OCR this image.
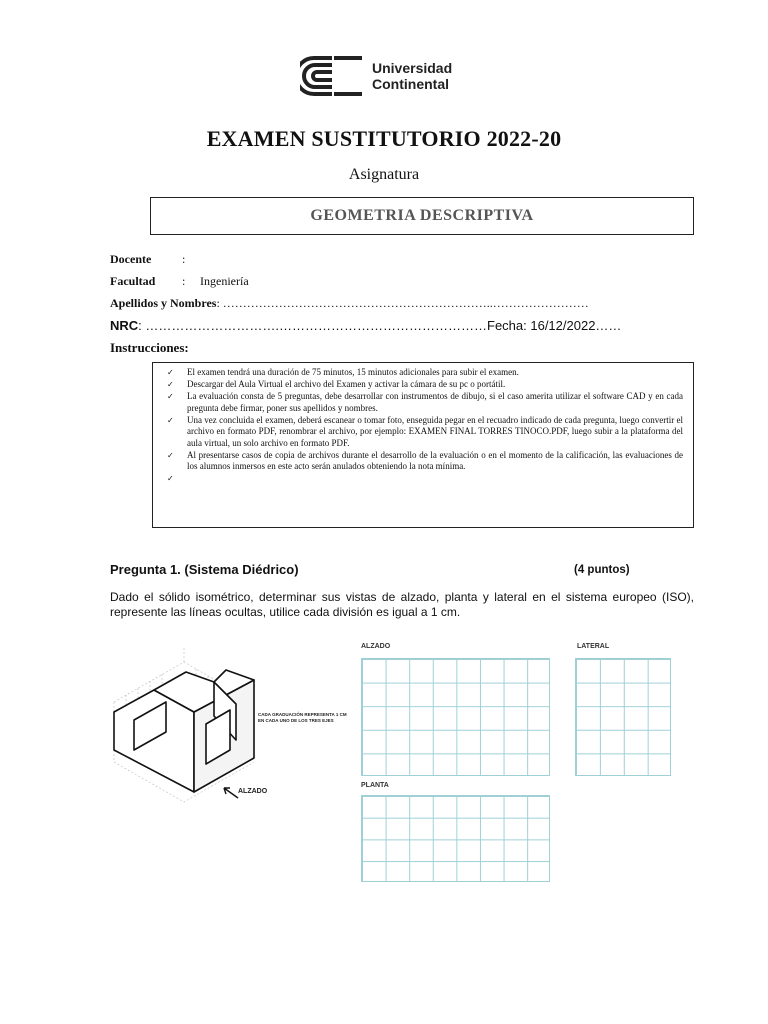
Universidad
Continental
EXAMEN SUSTITUTORIO 2022-20
Asignatura
GEOMETRIA DESCRIPTIVA
Docente	:
Facultad : Ingeniería
Apellidos y Nombres: …………………………………………………………..……………………
NRC: ………………………….…………………………………………Fecha: 16/12/2022……
Instrucciones:
✓ El examen tendrá una duración de 75 minutos, 15 minutos adicionales para subir el examen.
✓ Descargar del Aula Virtual el archivo del Examen y activar la cámara de su pc o portátil.
✓ La evaluación consta de 5 preguntas, debe desarrollar con instrumentos de dibujo, si el caso amerita utilizar el software CAD y en cada pregunta debe firmar, poner sus apellidos y nombres.
✓ Una vez concluida el examen, deberá escanear o tomar foto, enseguida pegar en el recuadro indicado de cada pregunta, luego convertir el archivo en formato PDF, renombrar el archivo, por ejemplo: EXAMEN FINAL TORRES TINOCO.PDF, luego subir a la plataforma del aula virtual, un solo archivo en formato PDF.
✓ Al presentarse casos de copia de archivos durante el desarrollo de la evaluación o en el momento de la calificación, las evaluaciones de los alumnos inmersos en este acto serán anulados obteniendo la nota mínima.
✓
Pregunta 1. (Sistema Diédrico)	(4 puntos)
Dado el sólido isométrico, determinar sus vistas de alzado, planta y lateral en el sistema europeo (ISO), represente las líneas ocultas, utilice cada división es igual a 1 cm.
CADA GRADUACIÓN REPRESENTA 1 CM EN CADA UNO DE LOS TRES EJES
ALZADO
ALZADO	LATERAL
PLANTA
